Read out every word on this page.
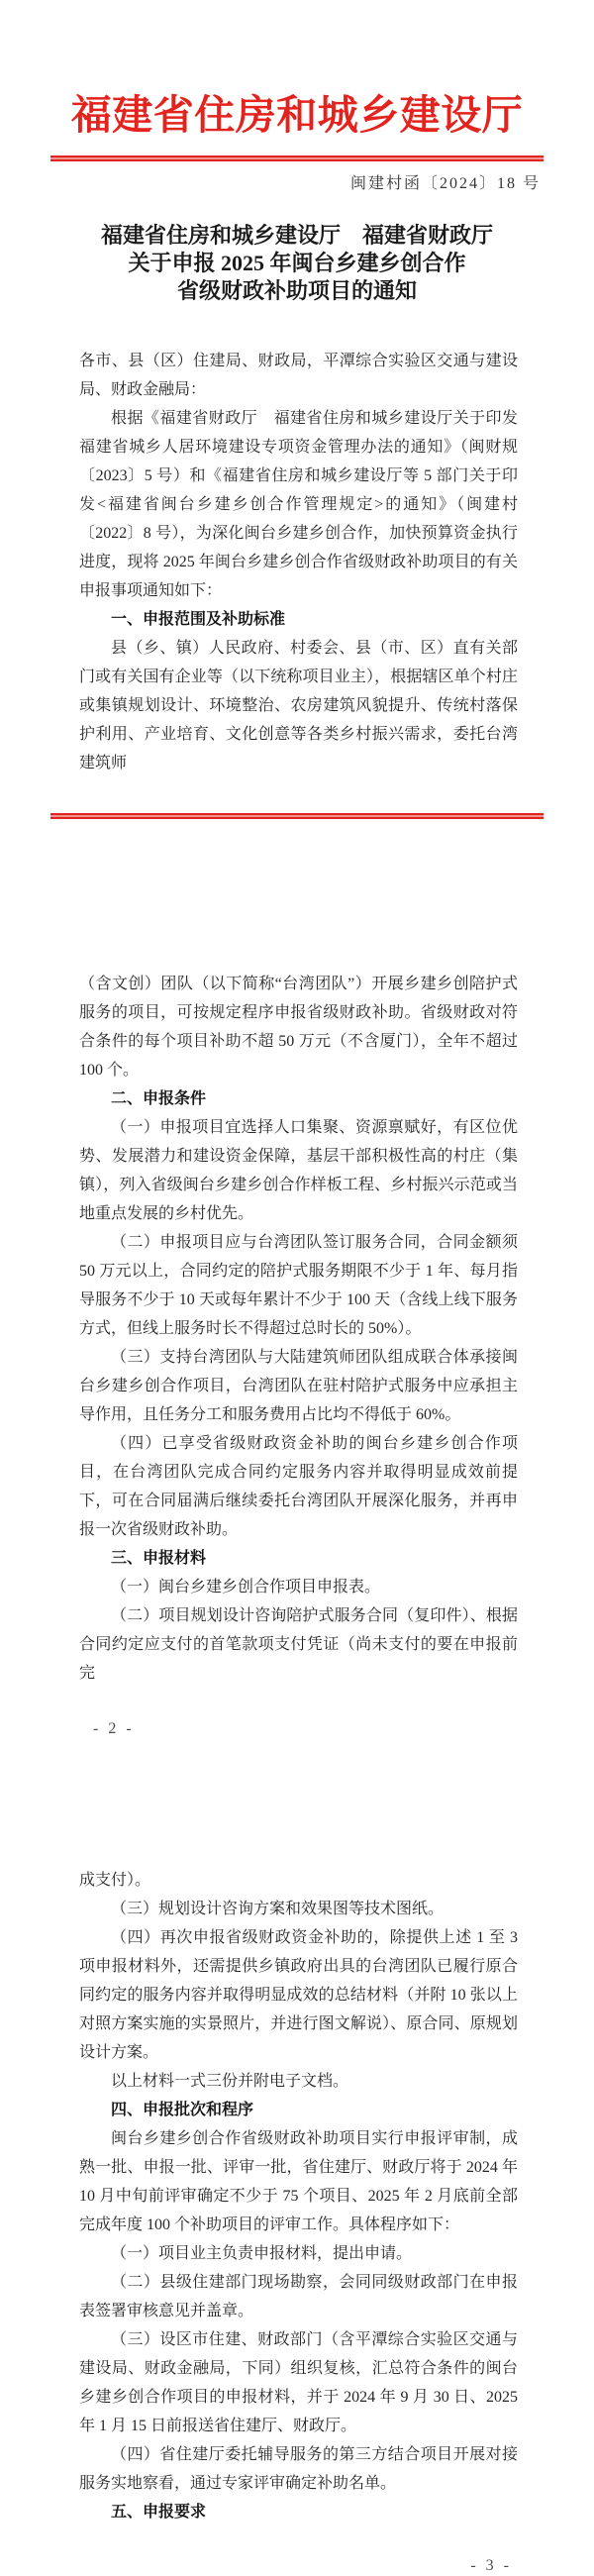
福建省住房和城乡建设厅
闽建村函〔2024〕18 号
福建省住房和城乡建设厅　福建省财政厅
关于申报 2025 年闽台乡建乡创合作
省级财政补助项目的通知

各市、县（区）住建局、财政局，平潭综合实验区交通与建设局、财政金融局：

根据《福建省财政厅　福建省住房和城乡建设厅关于印发福建省城乡人居环境建设专项资金管理办法的通知》（闽财规〔2023〕5 号）和《福建省住房和城乡建设厅等 5 部门关于印发<福建省闽台乡建乡创合作管理规定>的通知》（闽建村〔2022〕8 号），为深化闽台乡建乡创合作，加快预算资金执行进度，现将 2025 年闽台乡建乡创合作省级财政补助项目的有关申报事项通知如下：

一、申报范围及补助标准

县（乡、镇）人民政府、村委会、县（市、区）直有关部门或有关国有企业等（以下统称项目业主），根据辖区单个村庄或集镇规划设计、环境整治、农房建筑风貌提升、传统村落保护利用、产业培育、文化创意等各类乡村振兴需求，委托台湾建筑师

（含文创）团队（以下简称“台湾团队”）开展乡建乡创陪护式服务的项目，可按规定程序申报省级财政补助。省级财政对符合条件的每个项目补助不超 50 万元（不含厦门），全年不超过 100 个。

二、申报条件

（一）申报项目宜选择人口集聚、资源禀赋好，有区位优势、发展潜力和建设资金保障，基层干部积极性高的村庄（集镇），列入省级闽台乡建乡创合作样板工程、乡村振兴示范或当地重点发展的乡村优先。

（二）申报项目应与台湾团队签订服务合同，合同金额须 50 万元以上，合同约定的陪护式服务期限不少于 1 年、每月指导服务不少于 10 天或每年累计不少于 100 天（含线上线下服务方式，但线上服务时长不得超过总时长的 50%）。

（三）支持台湾团队与大陆建筑师团队组成联合体承接闽台乡建乡创合作项目，台湾团队在驻村陪护式服务中应承担主导作用，且任务分工和服务费用占比均不得低于 60%。

（四）已享受省级财政资金补助的闽台乡建乡创合作项目，在台湾团队完成合同约定服务内容并取得明显成效前提下，可在合同届满后继续委托台湾团队开展深化服务，并再申报一次省级财政补助。

三、申报材料

（一）闽台乡建乡创合作项目申报表。

（二）项目规划设计咨询陪护式服务合同（复印件）、根据合同约定应支付的首笔款项支付凭证（尚未支付的要在申报前完

- 2 -

成支付）。

（三）规划设计咨询方案和效果图等技术图纸。

（四）再次申报省级财政资金补助的，除提供上述 1 至 3 项申报材料外，还需提供乡镇政府出具的台湾团队已履行原合同约定的服务内容并取得明显成效的总结材料（并附 10 张以上对照方案实施的实景照片，并进行图文解说）、原合同、原规划设计方案。

以上材料一式三份并附电子文档。

四、申报批次和程序

闽台乡建乡创合作省级财政补助项目实行申报评审制，成熟一批、申报一批、评审一批，省住建厅、财政厅将于 2024 年 10 月中旬前评审确定不少于 75 个项目、2025 年 2 月底前全部完成年度 100 个补助项目的评审工作。具体程序如下：

（一）项目业主负责申报材料，提出申请。

（二）县级住建部门现场勘察，会同同级财政部门在申报表签署审核意见并盖章。

（三）设区市住建、财政部门（含平潭综合实验区交通与建设局、财政金融局，下同）组织复核，汇总符合条件的闽台乡建乡创合作项目的申报材料，并于 2024 年 9 月 30 日、2025 年 1 月 15 日前报送省住建厅、财政厅。

（四）省住建厅委托辅导服务的第三方结合项目开展对接服务实地察看，通过专家评审确定补助名单。

五、申报要求

- 3 -
